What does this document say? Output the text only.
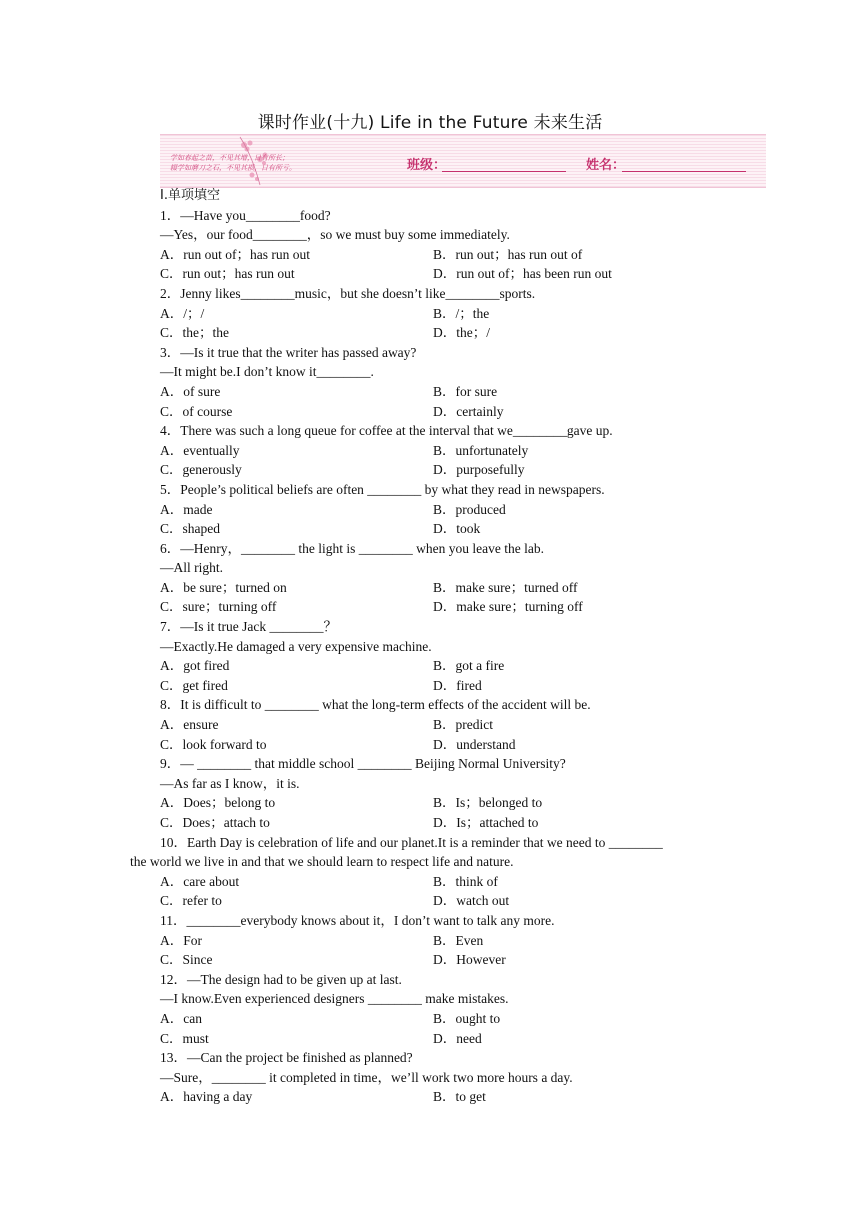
课时作业(十九) Life in the Future 未来生活
学如春起之苗，不见其增，日有所长；
辍学如磨刀之石，不见其损，日有所亏。	班级：	姓名：
Ⅰ.单项填空
1．—Have you________food?
—Yes，our food________，so we must buy some immediately.
A．run out of；has run out	B．run out；has run out of
C．run out；has run out	D．run out of；has been run out
2．Jenny likes________music，but she doesn’t like________sports.
A．/；/	B．/；the
C．the；the	D．the；/
3．—Is it true that the writer has passed away?
—It might be.I don’t know it________.
A．of sure	B．for sure
C．of course	D．certainly
4．There was such a long queue for coffee at the interval that we________gave up.
A．eventually	B．unfortunately
C．generously	D．purposefully
5．People’s political beliefs are often ________ by what they read in newspapers.
A．made	B．produced
C．shaped	D．took
6．—Henry，________ the light is ________ when you leave the lab.
—All right.
A．be sure；turned on	B．make sure；turned off
C．sure；turning off	D．make sure；turning off
7．—Is it true Jack ________？
—Exactly.He damaged a very expensive machine.
A．got fired	B．got a fire
C．get fired	D．fired
8．It is difficult to ________ what the long-term effects of the accident will be.
A．ensure	B．predict
C．look forward to	D．understand
9．— ________ that middle school ________ Beijing Normal University?
—As far as I know，it is.
A．Does；belong to	B．Is；belonged to
C．Does；attach to	D．Is；attached to
10．Earth Day is celebration of life and our planet.It is a reminder that we need to ________
the world we live in and that we should learn to respect life and nature.
A．care about	B．think of
C．refer to	D．watch out
11．________everybody knows about it，I don’t want to talk any more.
A．For	B．Even
C．Since	D．However
12．—The design had to be given up at last.
—I know.Even experienced designers ________ make mistakes.
A．can	B．ought to
C．must	D．need
13．—Can the project be finished as planned?
—Sure，________ it completed in time，we’ll work two more hours a day.
A．having a day	B．to get
